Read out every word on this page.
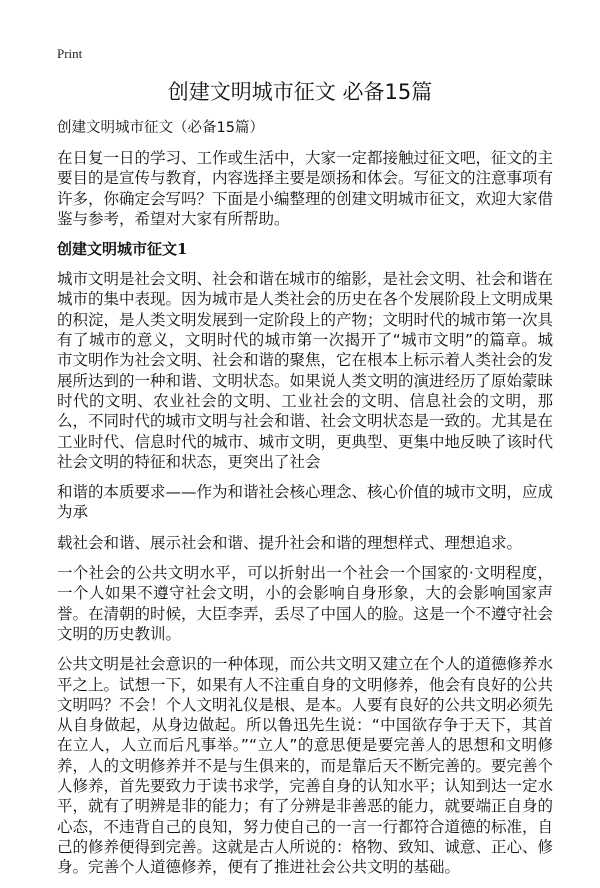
Print
创建文明城市征文 必备15篇
创建文明城市征文（必备15篇）

在日复一日的学习、工作或生活中，大家一定都接触过征文吧，征文的主要目的是宣传与教育，内容选择主要是颂扬和体会。写征文的注意事项有许多，你确定会写吗？下面是小编整理的创建文明城市征文，欢迎大家借鉴与参考，希望对大家有所帮助。

创建文明城市征文1

城市文明是社会文明、社会和谐在城市的缩影，是社会文明、社会和谐在城市的集中表现。因为城市是人类社会的历史在各个发展阶段上文明成果的积淀，是人类文明发展到一定阶段上的产物；文明时代的城市第一次具有了城市的意义，文明时代的城市第一次揭开了“城市文明”的篇章。城市文明作为社会文明、社会和谐的聚焦，它在根本上标示着人类社会的发展所达到的一种和谐、文明状态。如果说人类文明的演进经历了原始蒙昧时代的文明、农业社会的文明、工业社会的文明、信息社会的文明，那么，不同时代的城市文明与社会和谐、社会文明状态是一致的。尤其是在工业时代、信息时代的城市、城市文明，更典型、更集中地反映了该时代社会文明的特征和状态，更突出了社会

和谐的本质要求——作为和谐社会核心理念、核心价值的城市文明，应成为承

载社会和谐、展示社会和谐、提升社会和谐的理想样式、理想追求。

一个社会的公共文明水平，可以折射出一个社会一个国家的·文明程度，一个人如果不遵守社会文明，小的会影响自身形象，大的会影响国家声誉。在清朝的时候，大臣李弄，丢尽了中国人的脸。这是一个不遵守社会文明的历史教训。

公共文明是社会意识的一种体现，而公共文明又建立在个人的道德修养水平之上。试想一下，如果有人不注重自身的文明修养，他会有良好的公共文明吗？不会！个人文明礼仪是根、是本。人要有良好的公共文明必须先从自身做起，从身边做起。所以鲁迅先生说：“中国欲存争于天下，其首在立人，人立而后凡事举。”“立人”的意思便是要完善人的思想和文明修养，人的文明修养并不是与生俱来的，而是靠后天不断完善的。要完善个人修养，首先要致力于读书求学，完善自身的认知水平；认知到达一定水平，就有了明辨是非的能力；有了分辨是非善恶的能力，就要端正自身的心态，不违背自己的良知，努力使自己的一言一行都符合道德的标准，自己的修养便得到完善。这就是古人所说的：格物、致知、诚意、正心、修身。完善个人道德修养，便有了推进社会公共文明的基础。
